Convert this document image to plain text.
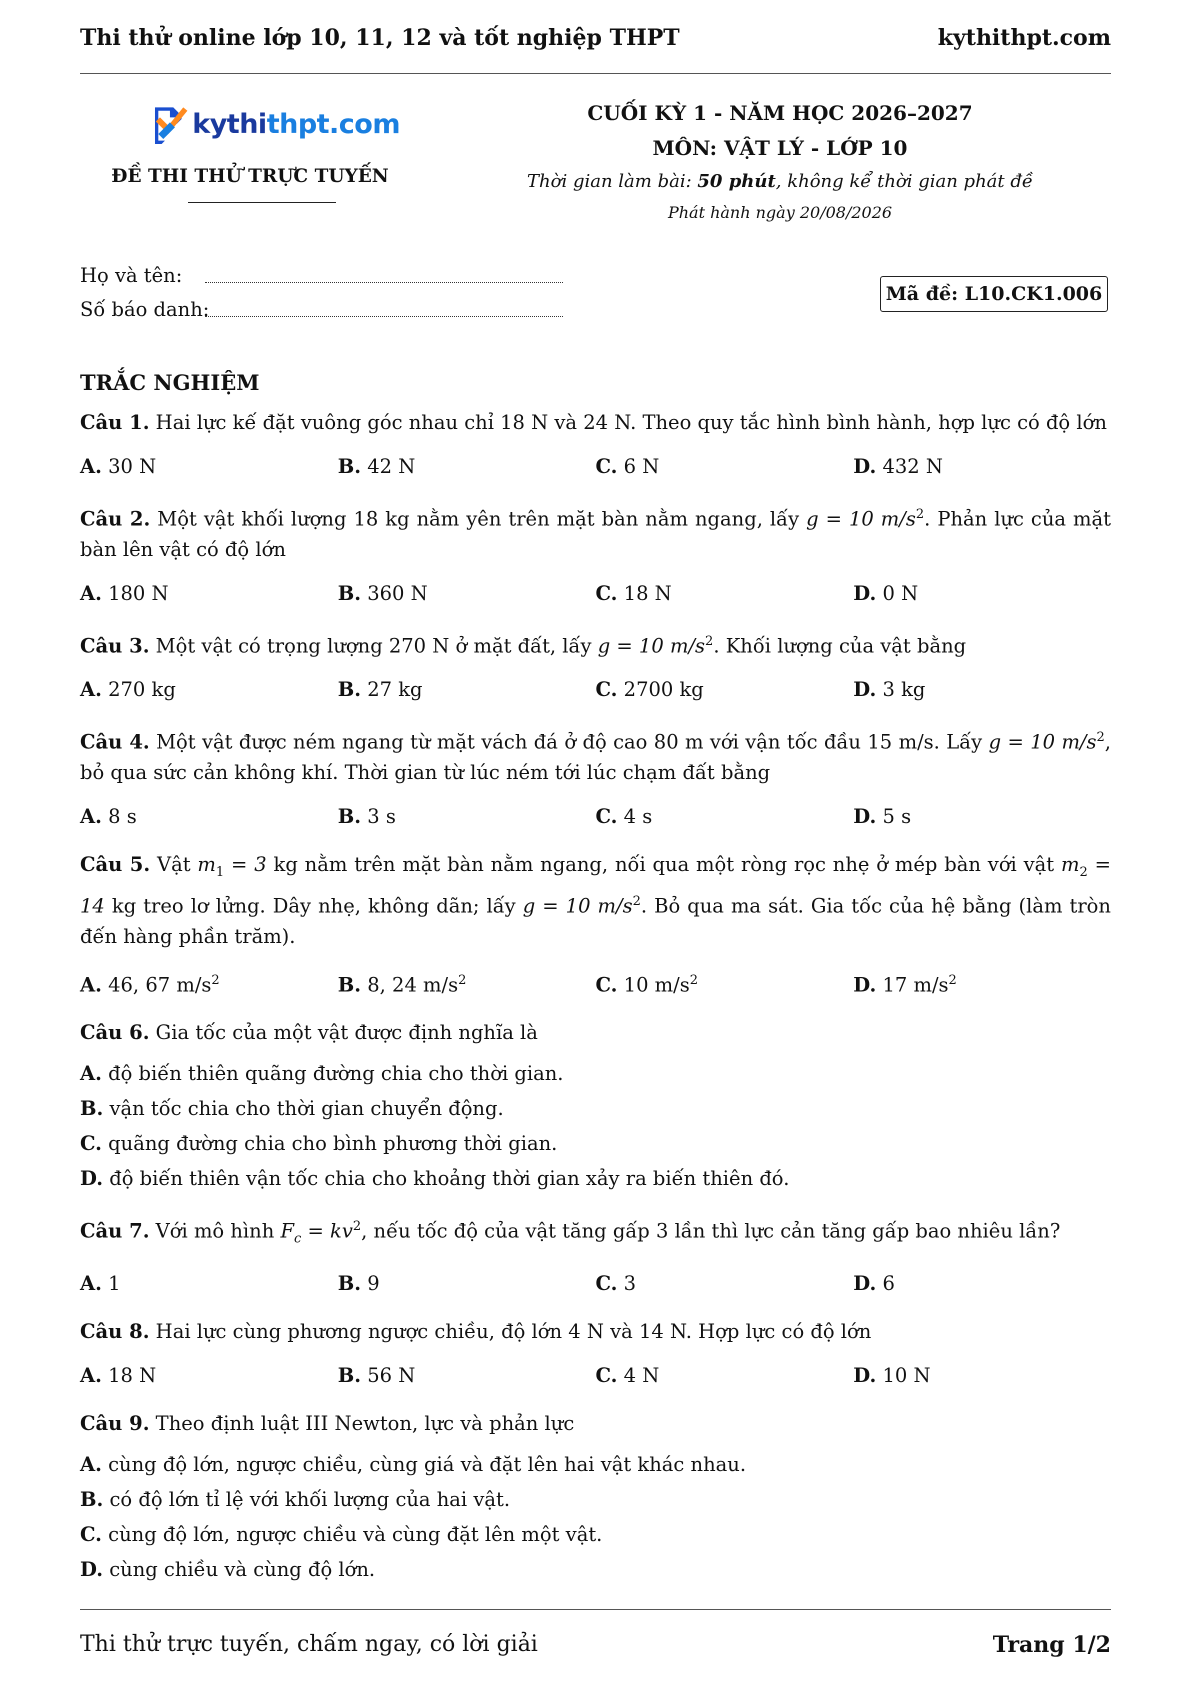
Thi thử online lớp 10, 11, 12 và tốt nghiệp THPT	kythithpt.com
kythithpt.com
ĐỀ THI THỬ TRỰC TUYẾN
CUỐI KỲ 1 - NĂM HỌC 2026–2027
MÔN: VẬT LÝ - LỚP 10
Thời gian làm bài: 50 phút, không kể thời gian phát đề
Phát hành ngày 20/08/2026
Họ và tên:
Số báo danh:
Mã đề: L10.CK1.006
TRẮC NGHIỆM

Câu 1. Hai lực kế đặt vuông góc nhau chỉ 18 N và 24 N. Theo quy tắc hình bình hành, hợp lực có độ lớn

A. 30 N	B. 42 N	C. 6 N	D. 432 N

Câu 2. Một vật khối lượng 18 kg nằm yên trên mặt bàn nằm ngang, lấy g = 10 $m/s^2$. Phản lực của mặt bàn lên vật có độ lớn

A. 180 N	B. 360 N	C. 18 N	D. 0 N

Câu 3. Một vật có trọng lượng 270 N ở mặt đất, lấy g = 10 $m/s^2$. Khối lượng của vật bằng

A. 270 kg	B. 27 kg	C. 2700 kg	D. 3 kg

Câu 4. Một vật được ném ngang từ mặt vách đá ở độ cao 80 m với vận tốc đầu 15 m/s. Lấy g = 10 $m/s^2$, bỏ qua sức cản không khí. Thời gian từ lúc ném tới lúc chạm đất bằng

A. 8 s	B. 3 s	C. 4 s	D. 5 s

Câu 5. Vật $m_1 = 3$ kg nằm trên mặt bàn nằm ngang, nối qua một ròng rọc nhẹ ở mép bàn với vật $m_2 = 14$ kg treo lơ lửng. Dây nhẹ, không dãn; lấy g = 10 $m/s^2$. Bỏ qua ma sát. Gia tốc của hệ bằng (làm tròn đến hàng phần trăm).

A. 46, 67 $m/s^2$	B. 8, 24 $m/s^2$	C. 10 $m/s^2$	D. 17 $m/s^2$

Câu 6. Gia tốc của một vật được định nghĩa là

A. độ biến thiên quãng đường chia cho thời gian.
B. vận tốc chia cho thời gian chuyển động.
C. quãng đường chia cho bình phương thời gian.
D. độ biến thiên vận tốc chia cho khoảng thời gian xảy ra biến thiên đó.

Câu 7. Với mô hình $F_c = kv^2$, nếu tốc độ của vật tăng gấp 3 lần thì lực cản tăng gấp bao nhiêu lần?

A. 1	B. 9	C. 3	D. 6

Câu 8. Hai lực cùng phương ngược chiều, độ lớn 4 N và 14 N. Hợp lực có độ lớn

A. 18 N	B. 56 N	C. 4 N	D. 10 N

Câu 9. Theo định luật III Newton, lực và phản lực

A. cùng độ lớn, ngược chiều, cùng giá và đặt lên hai vật khác nhau.
B. có độ lớn tỉ lệ với khối lượng của hai vật.
C. cùng độ lớn, ngược chiều và cùng đặt lên một vật.
D. cùng chiều và cùng độ lớn.
Thi thử trực tuyến, chấm ngay, có lời giải	Trang 1/2
